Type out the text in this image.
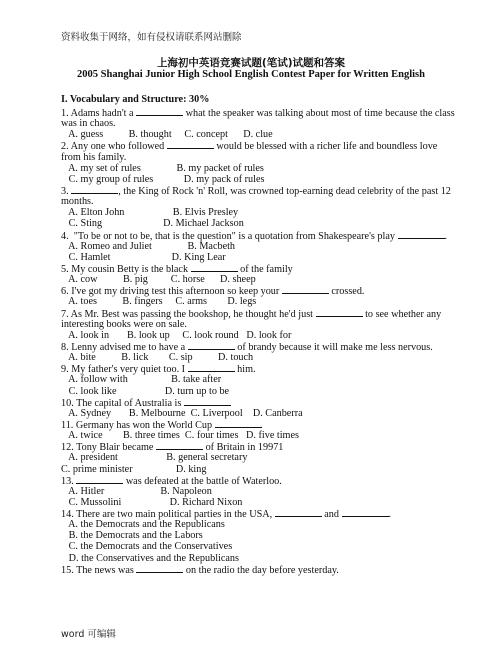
资料收集于网络，如有侵权请联系网站删除
上海初中英语竞赛试题(笔试)试题和答案
2005 Shanghai Junior High School English Contest Paper for Written English
I. Vocabulary and Structure: 30%
1. Adams hadn't a	what the speaker was talking about most of time because the class
was in chaos.
A. guess          B. thought     C. concept      D. clue
2. Any one who followed	would be blessed with a richer life and boundless love
from his family.
A. my set of rules              B. my packet of rules
C. my group of rules            D. my pack of rules
3.	, the King of Rock 'n' Roll, was crowned top-earning dead celebrity of the past 12
months.
A. Elton John                   B. Elvis Presley
C. Sting                        D. Michael Jackson
4.  "To be or not to be, that is the question" is a quotation from Shakespeare's play	.
A. Romeo and Juliet              B. Macbeth
C. Hamlet                        D. King Lear
5. My cousin Betty is the black	of the family
A. cow          B. pig         C. horse      D. sheep
6. I've got my driving test this afternoon so keep your	crossed.
A. toes          B. fingers     C. arms        D. legs
7. As Mr. Best was passing the bookshop, he thought he'd just	to see whether any
interesting books were on sale.
A. look in       B. look up     C. look round   D. look for
8. Lenny advised me to have a	of brandy because it will make me less nervous.
A. bite          B. lick        C. sip          D. touch
9. My father's very quiet too. I	him.
A. follow with                 B. take after
C. look like                   D. turn up to be
10. The capital of Australia is
A. Sydney       B. Melbourne  C. Liverpool    D. Canberra
11. Germany has won the World Cup
A. twice        B. three times  C. four times   D. five times
12. Tony Blair became	of Britain in 19971
A. president                   B. general secretary
C. prime minister                 D. king
13.	was defeated at the battle of Waterloo.
A. Hitler                      B. Napoleon
C. Mussolini                   D. Richard Nixon
14. There are two main political parties in the USA,	and	.
A. the Democrats and the Republicans
B. the Democrats and the Labors
C. the Democrats and the Conservatives
D. the Conservatives and the Republicans
15. The news was	on the radio the day before yesterday.
word 可编辑
